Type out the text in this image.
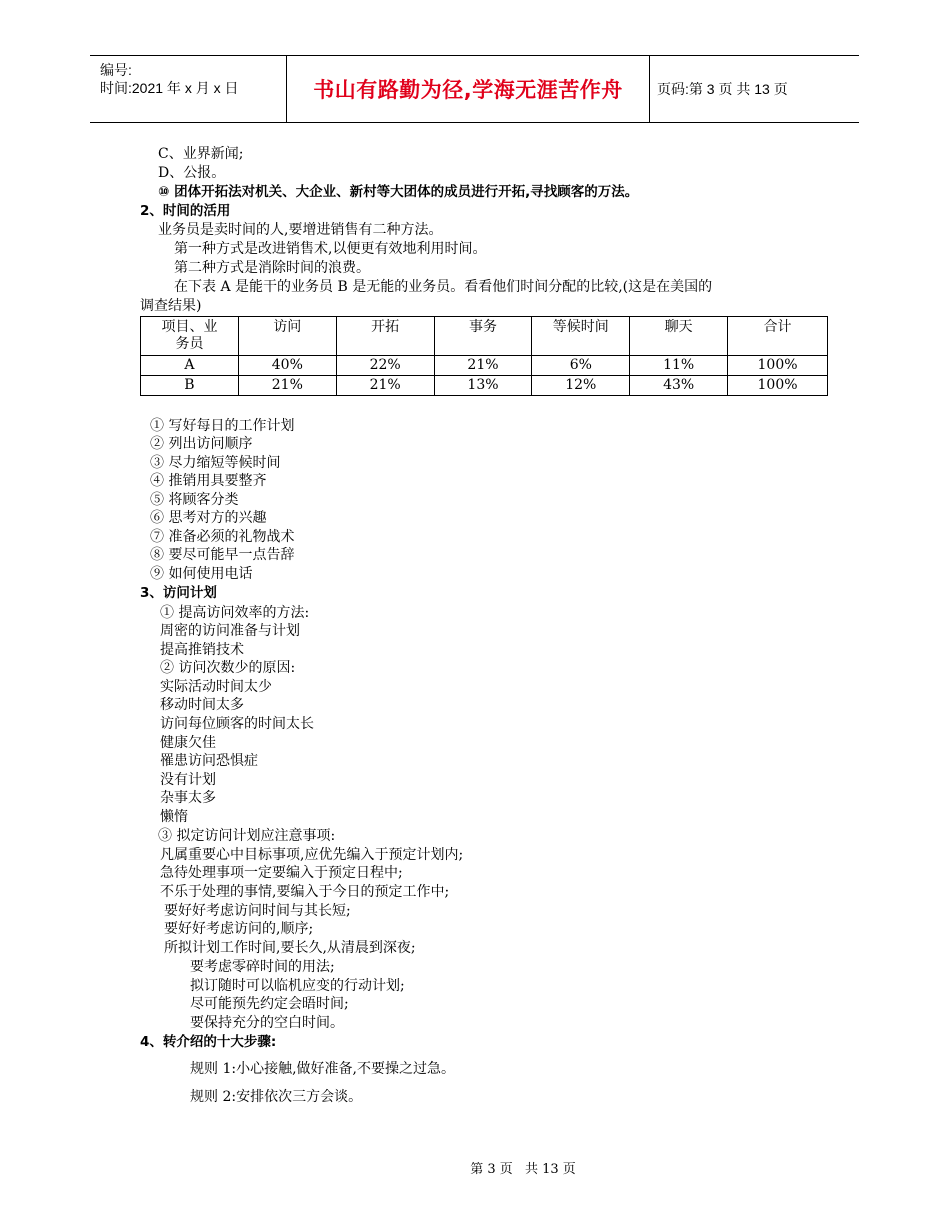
编号:
时间:2021 年 x 月 x 日	书山有路勤为径,学海无涯苦作舟 页码:第 3 页 共 13 页
C、业界新闻;
D、公报。
⑩ 团体开拓法对机关、大企业、新村等大团体的成员进行开拓,寻找顾客的万法。
2、时间的活用
业务员是卖时间的人,要增进销售有二种方法。
第一种方式是改进销售术,以便更有效地利用时间。
第二种方式是消除时间的浪费。
在下表 A 是能干的业务员 B 是无能的业务员。看看他们时间分配的比较,(这是在美国的
调查结果)
项目、业务员	访问	开拓	事务	等候时间	聊天	合计
A	40%	22%	21%	6%	11%	100%
B	21%	21%	13%	12%	43%	100%
① 写好每日的工作计划
② 列出访问顺序
③ 尽力缩短等候时间
④ 推销用具要整齐
⑤ 将顾客分类
⑥ 思考对方的兴趣
⑦ 准备必须的礼物战术
⑧ 要尽可能早一点告辞
⑨ 如何使用电话
3、访问计划
① 提高访问效率的方法:
周密的访问准备与计划
提高推销技术
② 访问次数少的原因:
实际活动时间太少
移动时间太多
访问每位顾客的时间太长
健康欠佳
罹患访问恐惧症
没有计划
杂事太多
懒惰
③ 拟定访问计划应注意事项:
凡属重要心中目标事项,应优先编入于预定计划内;
急待处理事项一定要编入于预定日程中;
不乐于处理的事情,要编入于今日的预定工作中;
要好好考虑访问时间与其长短;
要好好考虑访问的,顺序;
所拟计划工作时间,要长久,从清晨到深夜;
要考虑零碎时间的用法;
拟订随时可以临机应变的行动计划;
尽可能预先约定会晤时间;
要保持充分的空白时间。
4、转介绍的十大步骤:
规则 1:小心接触,做好准备,不要操之过急。
规则 2:安排依次三方会谈。
第 3 页 共 13 页
